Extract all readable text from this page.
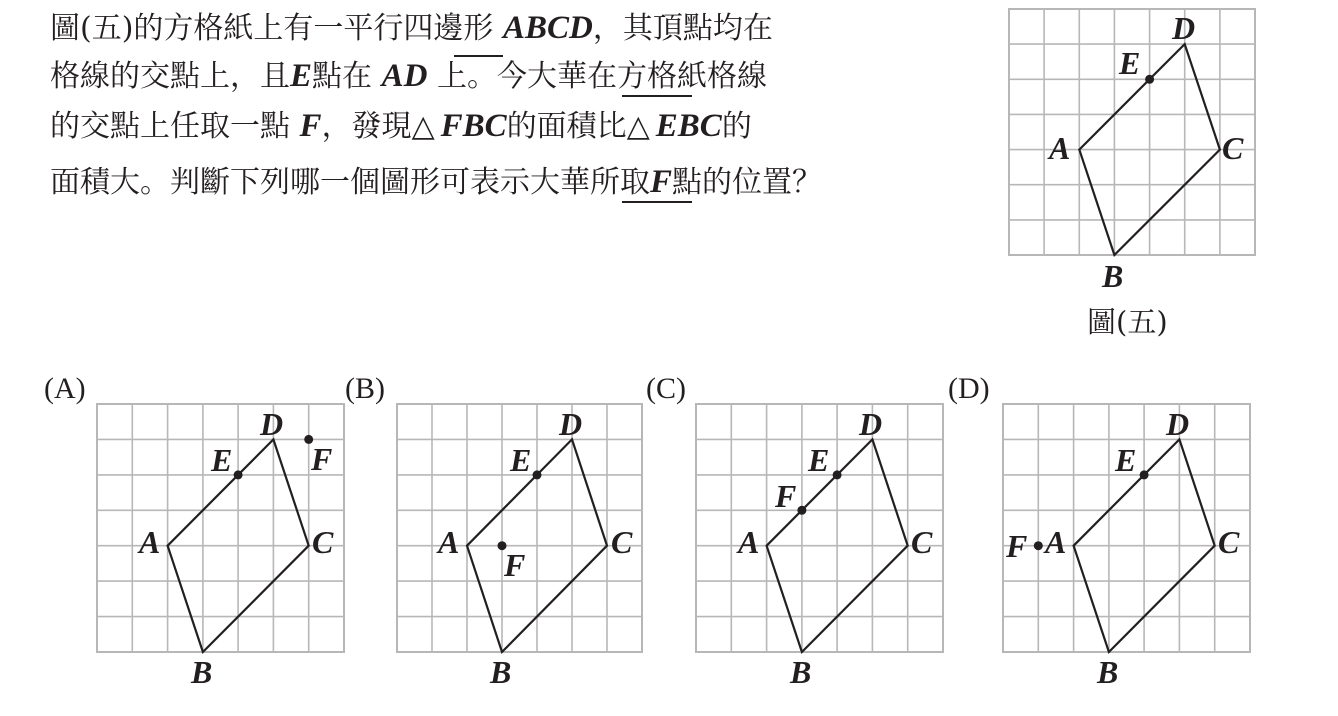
圖(五)的方格紙上有一平行四邊形 ABCD，其頂點均在
格線的交點上，且E點在 AD 上。今大華在方格紙格線
的交點上任取一點 F，發現△ FBC的面積比△ EBC的
面積大。判斷下列哪一個圖形可表示大華所取F點的位置？
D
E
A	C
B
圖(五)
(A)
D
E F
A	C
B
(B)
D
E
F
A	C
B
(C)
D
E
F
A	C
B
(D)
D
E
F A	C
B
